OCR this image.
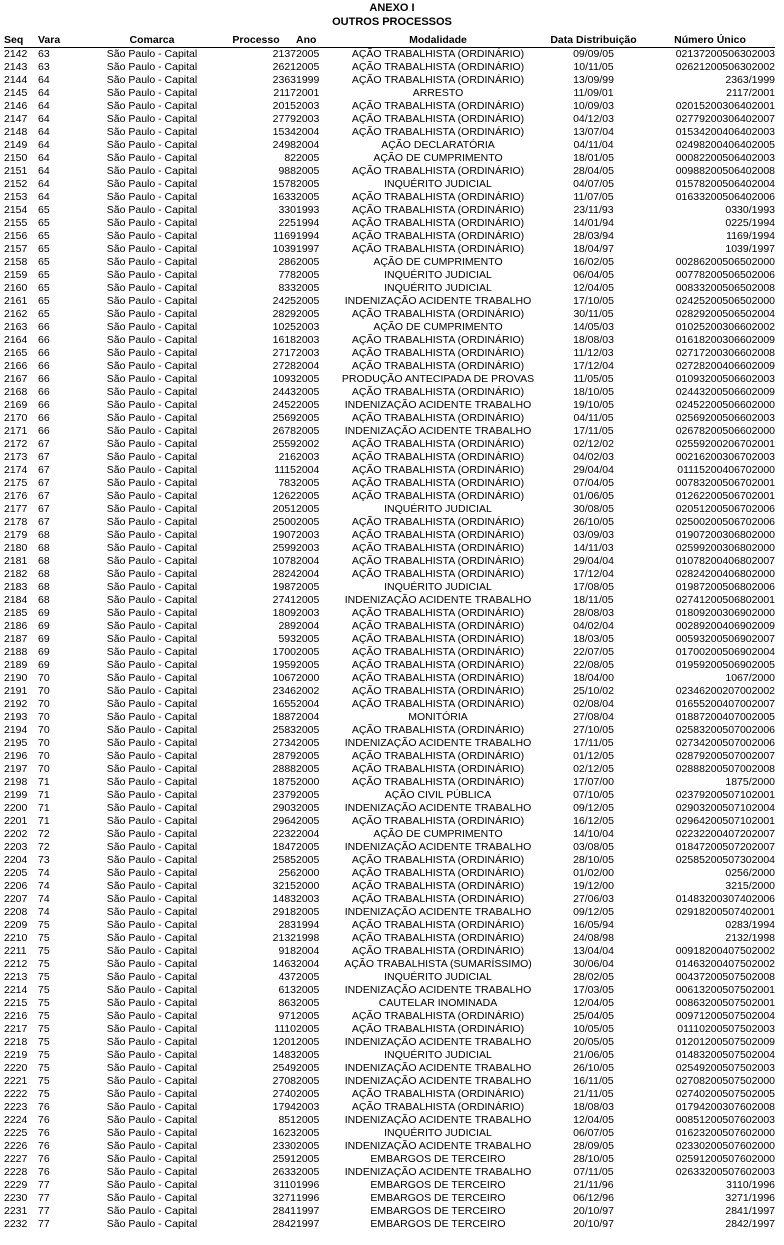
ANEXO I
OUTROS PROCESSOS
Seq	Vara	Comarca	Processo	Ano	Modalidade	Data Distribuição	Número Único
2142	63	São Paulo - Capital	2137	2005	AÇÃO TRABALHISTA (ORDINÁRIO)	09/09/05	02137200506302003
2143	63	São Paulo - Capital	2621	2005	AÇÃO TRABALHISTA (ORDINÁRIO)	10/11/05	02621200506302002
2144	64	São Paulo - Capital	2363	1999	AÇÃO TRABALHISTA (ORDINÁRIO)	13/09/99	2363/1999
2145	64	São Paulo - Capital	2117	2001	ARRESTO	11/09/01	2117/2001
2146	64	São Paulo - Capital	2015	2003	AÇÃO TRABALHISTA (ORDINÁRIO)	10/09/03	02015200306402001
2147	64	São Paulo - Capital	2779	2003	AÇÃO TRABALHISTA (ORDINÁRIO)	04/12/03	02779200306402007
2148	64	São Paulo - Capital	1534	2004	AÇÃO TRABALHISTA (ORDINÁRIO)	13/07/04	01534200406402003
2149	64	São Paulo - Capital	2498	2004	AÇÃO DECLARATÓRIA	04/11/04	02498200406402005
2150	64	São Paulo - Capital	82	2005	AÇÃO DE CUMPRIMENTO	18/01/05	00082200506402003
2151	64	São Paulo - Capital	988	2005	AÇÃO TRABALHISTA (ORDINÁRIO)	28/04/05	00988200506402008
2152	64	São Paulo - Capital	1578	2005	INQUÉRITO JUDICIAL	04/07/05	01578200506402004
2153	64	São Paulo - Capital	1633	2005	AÇÃO TRABALHISTA (ORDINÁRIO)	11/07/05	01633200506402006
2154	65	São Paulo - Capital	330	1993	AÇÃO TRABALHISTA (ORDINÁRIO)	23/11/93	0330/1993
2155	65	São Paulo - Capital	225	1994	AÇÃO TRABALHISTA (ORDINÁRIO)	14/01/94	0225/1994
2156	65	São Paulo - Capital	1169	1994	AÇÃO TRABALHISTA (ORDINÁRIO)	28/03/94	1169/1994
2157	65	São Paulo - Capital	1039	1997	AÇÃO TRABALHISTA (ORDINÁRIO)	18/04/97	1039/1997
2158	65	São Paulo - Capital	286	2005	AÇÃO DE CUMPRIMENTO	16/02/05	00286200506502000
2159	65	São Paulo - Capital	778	2005	INQUÉRITO JUDICIAL	06/04/05	00778200506502006
2160	65	São Paulo - Capital	833	2005	INQUÉRITO JUDICIAL	12/04/05	00833200506502008
2161	65	São Paulo - Capital	2425	2005	INDENIZAÇÃO ACIDENTE TRABALHO	17/10/05	02425200506502000
2162	65	São Paulo - Capital	2829	2005	AÇÃO TRABALHISTA (ORDINÁRIO)	30/11/05	02829200506502004
2163	66	São Paulo - Capital	1025	2003	AÇÃO DE CUMPRIMENTO	14/05/03	01025200306602002
2164	66	São Paulo - Capital	1618	2003	AÇÃO TRABALHISTA (ORDINÁRIO)	18/08/03	01618200306602009
2165	66	São Paulo - Capital	2717	2003	AÇÃO TRABALHISTA (ORDINÁRIO)	11/12/03	02717200306602008
2166	66	São Paulo - Capital	2728	2004	AÇÃO TRABALHISTA (ORDINÁRIO)	17/12/04	02728200406602009
2167	66	São Paulo - Capital	1093	2005	PRODUÇÃO ANTECIPADA DE PROVAS	11/05/05	01093200506602003
2168	66	São Paulo - Capital	2443	2005	AÇÃO TRABALHISTA (ORDINÁRIO)	18/10/05	02443200506602009
2169	66	São Paulo - Capital	2452	2005	INDENIZAÇÃO ACIDENTE TRABALHO	19/10/05	02452200506602000
2170	66	São Paulo - Capital	2569	2005	AÇÃO TRABALHISTA (ORDINÁRIO)	04/11/05	02569200506602003
2171	66	São Paulo - Capital	2678	2005	INDENIZAÇÃO ACIDENTE TRABALHO	17/11/05	02678200506602000
2172	67	São Paulo - Capital	2559	2002	AÇÃO TRABALHISTA (ORDINÁRIO)	02/12/02	02559200206702001
2173	67	São Paulo - Capital	216	2003	AÇÃO TRABALHISTA (ORDINÁRIO)	04/02/03	00216200306702003
2174	67	São Paulo - Capital	1115	2004	AÇÃO TRABALHISTA (ORDINÁRIO)	29/04/04	01115200406702000
2175	67	São Paulo - Capital	783	2005	AÇÃO TRABALHISTA (ORDINÁRIO)	07/04/05	00783200506702001
2176	67	São Paulo - Capital	1262	2005	AÇÃO TRABALHISTA (ORDINÁRIO)	01/06/05	01262200506702001
2177	67	São Paulo - Capital	2051	2005	INQUÉRITO JUDICIAL	30/08/05	02051200506702006
2178	67	São Paulo - Capital	2500	2005	AÇÃO TRABALHISTA (ORDINÁRIO)	26/10/05	02500200506702006
2179	68	São Paulo - Capital	1907	2003	AÇÃO TRABALHISTA (ORDINÁRIO)	03/09/03	01907200306802000
2180	68	São Paulo - Capital	2599	2003	AÇÃO TRABALHISTA (ORDINÁRIO)	14/11/03	02599200306802000
2181	68	São Paulo - Capital	1078	2004	AÇÃO TRABALHISTA (ORDINÁRIO)	29/04/04	01078200406802007
2182	68	São Paulo - Capital	2824	2004	AÇÃO TRABALHISTA (ORDINÁRIO)	17/12/04	02824200406802000
2183	68	São Paulo - Capital	1987	2005	INQUÉRITO JUDICIAL	17/08/05	01987200506802006
2184	68	São Paulo - Capital	2741	2005	INDENIZAÇÃO ACIDENTE TRABALHO	18/11/05	02741200506802001
2185	69	São Paulo - Capital	1809	2003	AÇÃO TRABALHISTA (ORDINÁRIO)	28/08/03	01809200306902000
2186	69	São Paulo - Capital	289	2004	AÇÃO TRABALHISTA (ORDINÁRIO)	04/02/04	00289200406902009
2187	69	São Paulo - Capital	593	2005	AÇÃO TRABALHISTA (ORDINÁRIO)	18/03/05	00593200506902007
2188	69	São Paulo - Capital	1700	2005	AÇÃO TRABALHISTA (ORDINÁRIO)	22/07/05	01700200506902004
2189	69	São Paulo - Capital	1959	2005	AÇÃO TRABALHISTA (ORDINÁRIO)	22/08/05	01959200506902005
2190	70	São Paulo - Capital	1067	2000	AÇÃO TRABALHISTA (ORDINÁRIO)	18/04/00	1067/2000
2191	70	São Paulo - Capital	2346	2002	AÇÃO TRABALHISTA (ORDINÁRIO)	25/10/02	02346200207002002
2192	70	São Paulo - Capital	1655	2004	AÇÃO TRABALHISTA (ORDINÁRIO)	02/08/04	01655200407002007
2193	70	São Paulo - Capital	1887	2004	MONITÓRIA	27/08/04	01887200407002005
2194	70	São Paulo - Capital	2583	2005	AÇÃO TRABALHISTA (ORDINÁRIO)	27/10/05	02583200507002006
2195	70	São Paulo - Capital	2734	2005	INDENIZAÇÃO ACIDENTE TRABALHO	17/11/05	02734200507002006
2196	70	São Paulo - Capital	2879	2005	AÇÃO TRABALHISTA (ORDINÁRIO)	01/12/05	02879200507002007
2197	70	São Paulo - Capital	2888	2005	AÇÃO TRABALHISTA (ORDINÁRIO)	02/12/05	02888200507002008
2198	71	São Paulo - Capital	1875	2000	AÇÃO TRABALHISTA (ORDINÁRIO)	17/07/00	1875/2000
2199	71	São Paulo - Capital	2379	2005	AÇÃO CIVIL PÚBLICA	07/10/05	02379200507102001
2200	71	São Paulo - Capital	2903	2005	INDENIZAÇÃO ACIDENTE TRABALHO	09/12/05	02903200507102004
2201	71	São Paulo - Capital	2964	2005	AÇÃO TRABALHISTA (ORDINÁRIO)	16/12/05	02964200507102001
2202	72	São Paulo - Capital	2232	2004	AÇÃO DE CUMPRIMENTO	14/10/04	02232200407202007
2203	72	São Paulo - Capital	1847	2005	INDENIZAÇÃO ACIDENTE TRABALHO	03/08/05	01847200507202007
2204	73	São Paulo - Capital	2585	2005	AÇÃO TRABALHISTA (ORDINÁRIO)	28/10/05	02585200507302004
2205	74	São Paulo - Capital	256	2000	AÇÃO TRABALHISTA (ORDINÁRIO)	01/02/00	0256/2000
2206	74	São Paulo - Capital	3215	2000	AÇÃO TRABALHISTA (ORDINÁRIO)	19/12/00	3215/2000
2207	74	São Paulo - Capital	1483	2003	AÇÃO TRABALHISTA (ORDINÁRIO)	27/06/03	01483200307402006
2208	74	São Paulo - Capital	2918	2005	INDENIZAÇÃO ACIDENTE TRABALHO	09/12/05	02918200507402001
2209	75	São Paulo - Capital	283	1994	AÇÃO TRABALHISTA (ORDINÁRIO)	16/05/94	0283/1994
2210	75	São Paulo - Capital	2132	1998	AÇÃO TRABALHISTA (ORDINÁRIO)	24/08/98	2132/1998
2211	75	São Paulo - Capital	918	2004	AÇÃO TRABALHISTA (ORDINÁRIO)	13/04/04	00918200407502002
2212	75	São Paulo - Capital	1463	2004	AÇÃO TRABALHISTA (SUMARÍSSIMO)	30/06/04	01463200407502002
2213	75	São Paulo - Capital	437	2005	INQUÉRITO JUDICIAL	28/02/05	00437200507502008
2214	75	São Paulo - Capital	613	2005	INDENIZAÇÃO ACIDENTE TRABALHO	17/03/05	00613200507502001
2215	75	São Paulo - Capital	863	2005	CAUTELAR INOMINADA	12/04/05	00863200507502001
2216	75	São Paulo - Capital	971	2005	AÇÃO TRABALHISTA (ORDINÁRIO)	25/04/05	00971200507502004
2217	75	São Paulo - Capital	1110	2005	AÇÃO TRABALHISTA (ORDINÁRIO)	10/05/05	01110200507502003
2218	75	São Paulo - Capital	1201	2005	INDENIZAÇÃO ACIDENTE TRABALHO	20/05/05	01201200507502009
2219	75	São Paulo - Capital	1483	2005	INQUÉRITO JUDICIAL	21/06/05	01483200507502004
2220	75	São Paulo - Capital	2549	2005	INDENIZAÇÃO ACIDENTE TRABALHO	26/10/05	02549200507502003
2221	75	São Paulo - Capital	2708	2005	INDENIZAÇÃO ACIDENTE TRABALHO	16/11/05	02708200507502000
2222	75	São Paulo - Capital	2740	2005	AÇÃO TRABALHISTA (ORDINÁRIO)	21/11/05	02740200507502005
2223	76	São Paulo - Capital	1794	2003	AÇÃO TRABALHISTA (ORDINÁRIO)	18/08/03	01794200307602008
2224	76	São Paulo - Capital	851	2005	INDENIZAÇÃO ACIDENTE TRABALHO	12/04/05	00851200507602003
2225	76	São Paulo - Capital	1623	2005	INQUÉRITO JUDICIAL	06/07/05	01623200507602000
2226	76	São Paulo - Capital	2330	2005	INDENIZAÇÃO ACIDENTE TRABALHO	28/09/05	02330200507602000
2227	76	São Paulo - Capital	2591	2005	EMBARGOS DE TERCEIRO	28/10/05	02591200507602000
2228	76	São Paulo - Capital	2633	2005	INDENIZAÇÃO ACIDENTE TRABALHO	07/11/05	02633200507602003
2229	77	São Paulo - Capital	3110	1996	EMBARGOS DE TERCEIRO	21/11/96	3110/1996
2230	77	São Paulo - Capital	3271	1996	EMBARGOS DE TERCEIRO	06/12/96	3271/1996
2231	77	São Paulo - Capital	2841	1997	EMBARGOS DE TERCEIRO	20/10/97	2841/1997
2232	77	São Paulo - Capital	2842	1997	EMBARGOS DE TERCEIRO	20/10/97	2842/1997
